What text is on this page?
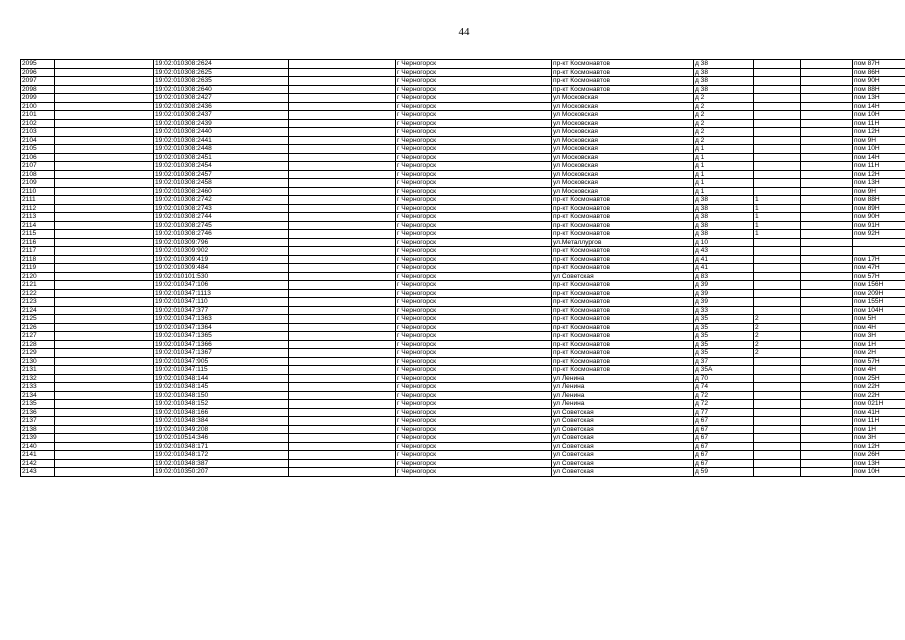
44
2095		19:02:010308:2624		г Черногорск	пр-кт Космонавтов	д 38			пом 87Н
2096		19:02:010308:2625		г Черногорск	пр-кт Космонавтов	д 38			пом 86Н
2097		19:02:010308:2635		г Черногорск	пр-кт Космонавтов	д 38			пом 90Н
2098		19:02:010308:2640		г Черногорск	пр-кт Космонавтов	д 38			пом 88Н
2099		19:02:010308:2427		г Черногорск	ул Московская	д 2			пом 13Н
2100		19:02:010308:2436		г Черногорск	ул Московская	д 2			пом 14Н
2101		19:02:010308:2437		г Черногорск	ул Московская	д 2			пом 10Н
2102		19:02:010308:2439		г Черногорск	ул Московская	д 2			пом 11Н
2103		19:02:010308:2440		г Черногорск	ул Московская	д 2			пом 12Н
2104		19:02:010308:2441		г Черногорск	ул Московская	д 2			пом 9Н
2105		19:02:010308:2448		г Черногорск	ул Московская	д 1			пом 10Н
2106		19:02:010308:2451		г Черногорск	ул Московская	д 1			пом 14Н
2107		19:02:010308:2454		г Черногорск	ул Московская	д 1			пом 11Н
2108		19:02:010308:2457		г Черногорск	ул Московская	д 1			пом 12Н
2109		19:02:010308:2458		г Черногорск	ул Московская	д 1			пом 13Н
2110		19:02:010308:2460		г Черногорск	ул Московская	д 1			пом 9Н
2111		19:02:010308:2742		г Черногорск	пр-кт Космонавтов	д 38	1		пом 88Н
2112		19:02:010308:2743		г Черногорск	пр-кт Космонавтов	д 38	1		пом 89Н
2113		19:02:010308:2744		г Черногорск	пр-кт Космонавтов	д 38	1		пом 90Н
2114		19:02:010308:2745		г Черногорск	пр-кт Космонавтов	д 38	1		пом 91Н
2115		19:02:010308:2746		г Черногорск	пр-кт Космонавтов	д 38	1		пом 92Н
2116		19:02:010309:796		г Черногорск	ул.Металлургов	д 10			
2117		19:02:010309:902		г Черногорск	пр-кт Космонавтов	д 43			
2118		19:02:010309:419		г Черногорск	пр-кт Космонавтов	д 41			пом 17Н
2119		19:02:010309:484		г Черногорск	пр-кт Космонавтов	д 41			пом 47Н
2120		19:02:010101:530		г Черногорск	ул Советская	д 83			пом 57Н
2121		19:02:010347:106		г Черногорск	пр-кт Космонавтов	д 39			пом 156Н
2122		19:02:010347:1113		г Черногорск	пр-кт Космонавтов	д 39			пом 209Н
2123		19:02:010347:110		г Черногорск	пр-кт Космонавтов	д 39			пом 155Н
2124		19:02:010347:377		г Черногорск	пр-кт Космонавтов	д 33			пом 104Н
2125		19:02:010347:1363		г Черногорск	пр-кт Космонавтов	д 35	2		пом 5Н
2126		19:02:010347:1364		г Черногорск	пр-кт Космонавтов	д 35	2		пом 4Н
2127		19:02:010347:1365		г Черногорск	пр-кт Космонавтов	д 35	2		пом 3Н
2128		19:02:010347:1366		г Черногорск	пр-кт Космонавтов	д 35	2		пом 1Н
2129		19:02:010347:1367		г Черногорск	пр-кт Космонавтов	д 35	2		пом 2Н
2130		19:02:010347:905		г Черногорск	пр-кт Космонавтов	д 37			пом 57Н
2131		19:02:010347:115		г Черногорск	пр-кт Космонавтов	д 35А			пом 4Н
2132		19:02:010348:144		г Черногорск	ул Ленина	д 70			пом 25Н
2133		19:02:010348:145		г Черногорск	ул Ленина	д 74			пом 22Н
2134		19:02:010348:150		г Черногорск	ул Ленина	д 72			пом 22Н
2135		19:02:010348:152		г Черногорск	ул Ленина	д 72			пом 021Н
2136		19:02:010348:166		г Черногорск	ул Советская	д 77			пом 41Н
2137		19:02:010348:384		г Черногорск	ул Советская	д 67			пом 11Н
2138		19:02:010349:208		г Черногорск	ул Советская	д 67			пом 1Н
2139		19:02:010514:346		г Черногорск	ул Советская	д 67			пом 3Н
2140		19:02:010348:171		г Черногорск	ул Советская	д 67			пом 12Н
2141		19:02:010348:172		г Черногорск	ул Советская	д 67			пом 26Н
2142		19:02:010348:387		г Черногорск	ул Советская	д 67			пом 13Н
2143		19:02:010350:207		г Черногорск	ул Советская	д 59			пом 10Н
